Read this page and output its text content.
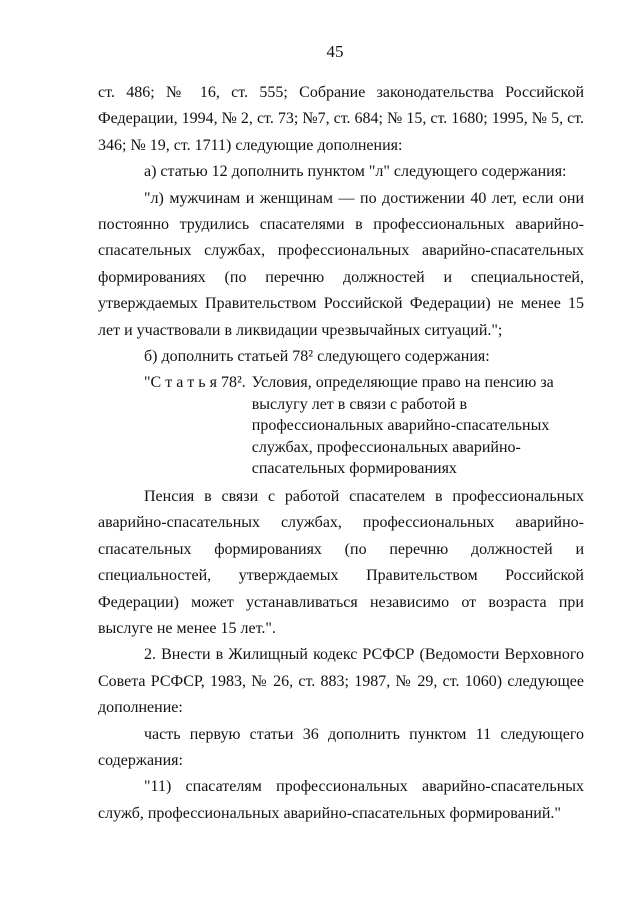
45

ст. 486; № 16, ст. 555; Собрание законодательства Российской Федерации, 1994, № 2, ст. 73; №7, ст. 684; № 15, ст. 1680; 1995, № 5, ст. 346; № 19, ст. 1711) следующие дополнения:

а) статью 12 дополнить пунктом "л" следующего содержания:

"л) мужчинам и женщинам — по достижении 40 лет, если они постоянно трудились спасателями в профессиональных аварийно-спасательных службах, профессиональных аварийно-спасательных формированиях (по перечню должностей и специальностей, утверждаемых Правительством Российской Федерации) не менее 15 лет и участвовали в ликвидации чрезвычайных ситуаций.";

б) дополнить статьей 78² следующего содержания:

"С т а т ь я 78². Условия, определяющие право на пенсию за выслугу лет в связи с работой в профессиональных аварийно-спасательных службах, профессиональных аварийно-спасательных формированиях

Пенсия в связи с работой спасателем в профессиональных аварийно-спасательных службах, профессиональных аварийно-спасательных формированиях (по перечню должностей и специальностей, утверждаемых Правительством Российской Федерации) может устанавливаться независимо от возраста при выслуге не менее 15 лет.".

2. Внести в Жилищный кодекс РСФСР (Ведомости Верховного Совета РСФСР, 1983, № 26, ст. 883; 1987, № 29, ст. 1060) следующее дополнение:

часть первую статьи 36 дополнить пунктом 11 следующего содержания:

"11) спасателям профессиональных аварийно-спасательных служб, профессиональных аварийно-спасательных формирований."
